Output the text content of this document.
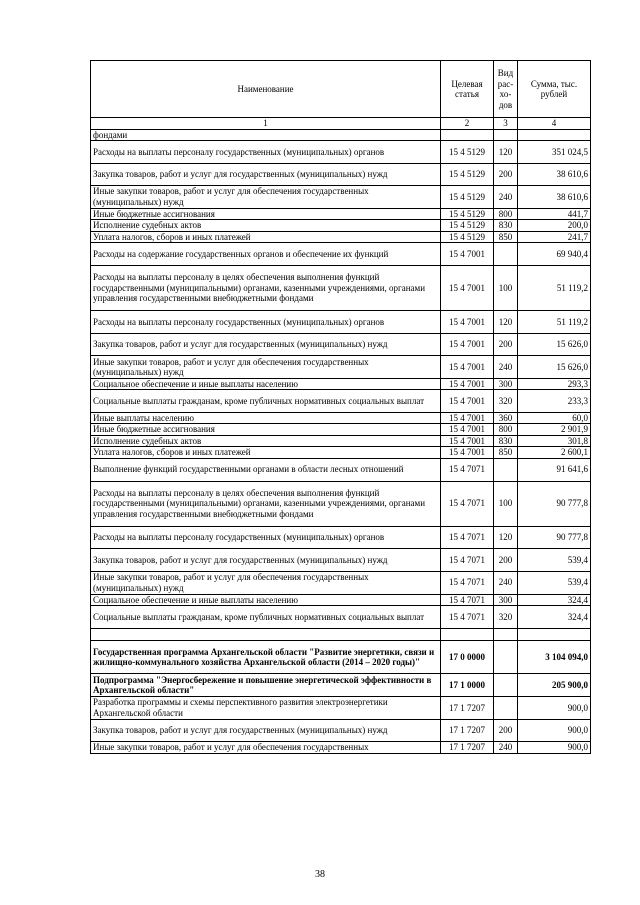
Наименование	Целевая статья	Вид рас-хо-дов	Сумма, тыс. рублей
1	2	3	4
фондами			
Расходы на выплаты персоналу государственных (муниципальных) органов	15 4 5129	120	351 024,5
Закупка товаров, работ и услуг для государственных (муниципальных) нужд	15 4 5129	200	38 610,6
Иные закупки товаров, работ и услуг для обеспечения государственных (муниципальных) нужд	15 4 5129	240	38 610,6
Иные бюджетные ассигнования	15 4 5129	800	441,7
Исполнение судебных актов	15 4 5129	830	200,0
Уплата налогов, сборов и иных платежей	15 4 5129	850	241,7
Расходы на содержание государственных органов и обеспечение их функций	15 4 7001		69 940,4
Расходы на выплаты персоналу в целях обеспечения выполнения функций государственными (муниципальными) органами, казенными учреждениями, органами управления государственными внебюджетными фондами	15 4 7001	100	51 119,2
Расходы на выплаты персоналу государственных (муниципальных) органов	15 4 7001	120	51 119,2
Закупка товаров, работ и услуг для государственных (муниципальных) нужд	15 4 7001	200	15 626,0
Иные закупки товаров, работ и услуг для обеспечения государственных (муниципальных) нужд	15 4 7001	240	15 626,0
Социальное обеспечение и иные выплаты населению	15 4 7001	300	293,3
Социальные выплаты гражданам, кроме публичных нормативных социальных выплат	15 4 7001	320	233,3
Иные выплаты населению	15 4 7001	360	60,0
Иные бюджетные ассигнования	15 4 7001	800	2 901,9
Исполнение судебных актов	15 4 7001	830	301,8
Уплата налогов, сборов и иных платежей	15 4 7001	850	2 600,1
Выполнение функций государственными органами в области лесных отношений	15 4 7071		91 641,6
Расходы на выплаты персоналу в целях обеспечения выполнения функций государственными (муниципальными) органами, казенными учреждениями, органами управления государственными внебюджетными фондами	15 4 7071	100	90 777,8
Расходы на выплаты персоналу государственных (муниципальных) органов	15 4 7071	120	90 777,8
Закупка товаров, работ и услуг для государственных (муниципальных) нужд	15 4 7071	200	539,4
Иные закупки товаров, работ и услуг для обеспечения государственных (муниципальных) нужд	15 4 7071	240	539,4
Социальное обеспечение и иные выплаты населению	15 4 7071	300	324,4
Социальные выплаты гражданам, кроме публичных нормативных социальных выплат	15 4 7071	320	324,4

Государственная программа Архангельской области "Развитие энергетики, связи и жилищно-коммунального хозяйства Архангельской области (2014 – 2020 годы)"	17 0 0000		3 104 094,0
Подпрограмма "Энергосбережение и повышение энергетической эффективности в Архангельской области"	17 1 0000		205 900,0
Разработка программы и схемы перспективного развития электроэнергетики Архангельской области	17 1 7207		900,0
Закупка товаров, работ и услуг для государственных (муниципальных) нужд	17 1 7207	200	900,0
Иные закупки товаров, работ и услуг для обеспечения государственных	17 1 7207	240	900,0
38
